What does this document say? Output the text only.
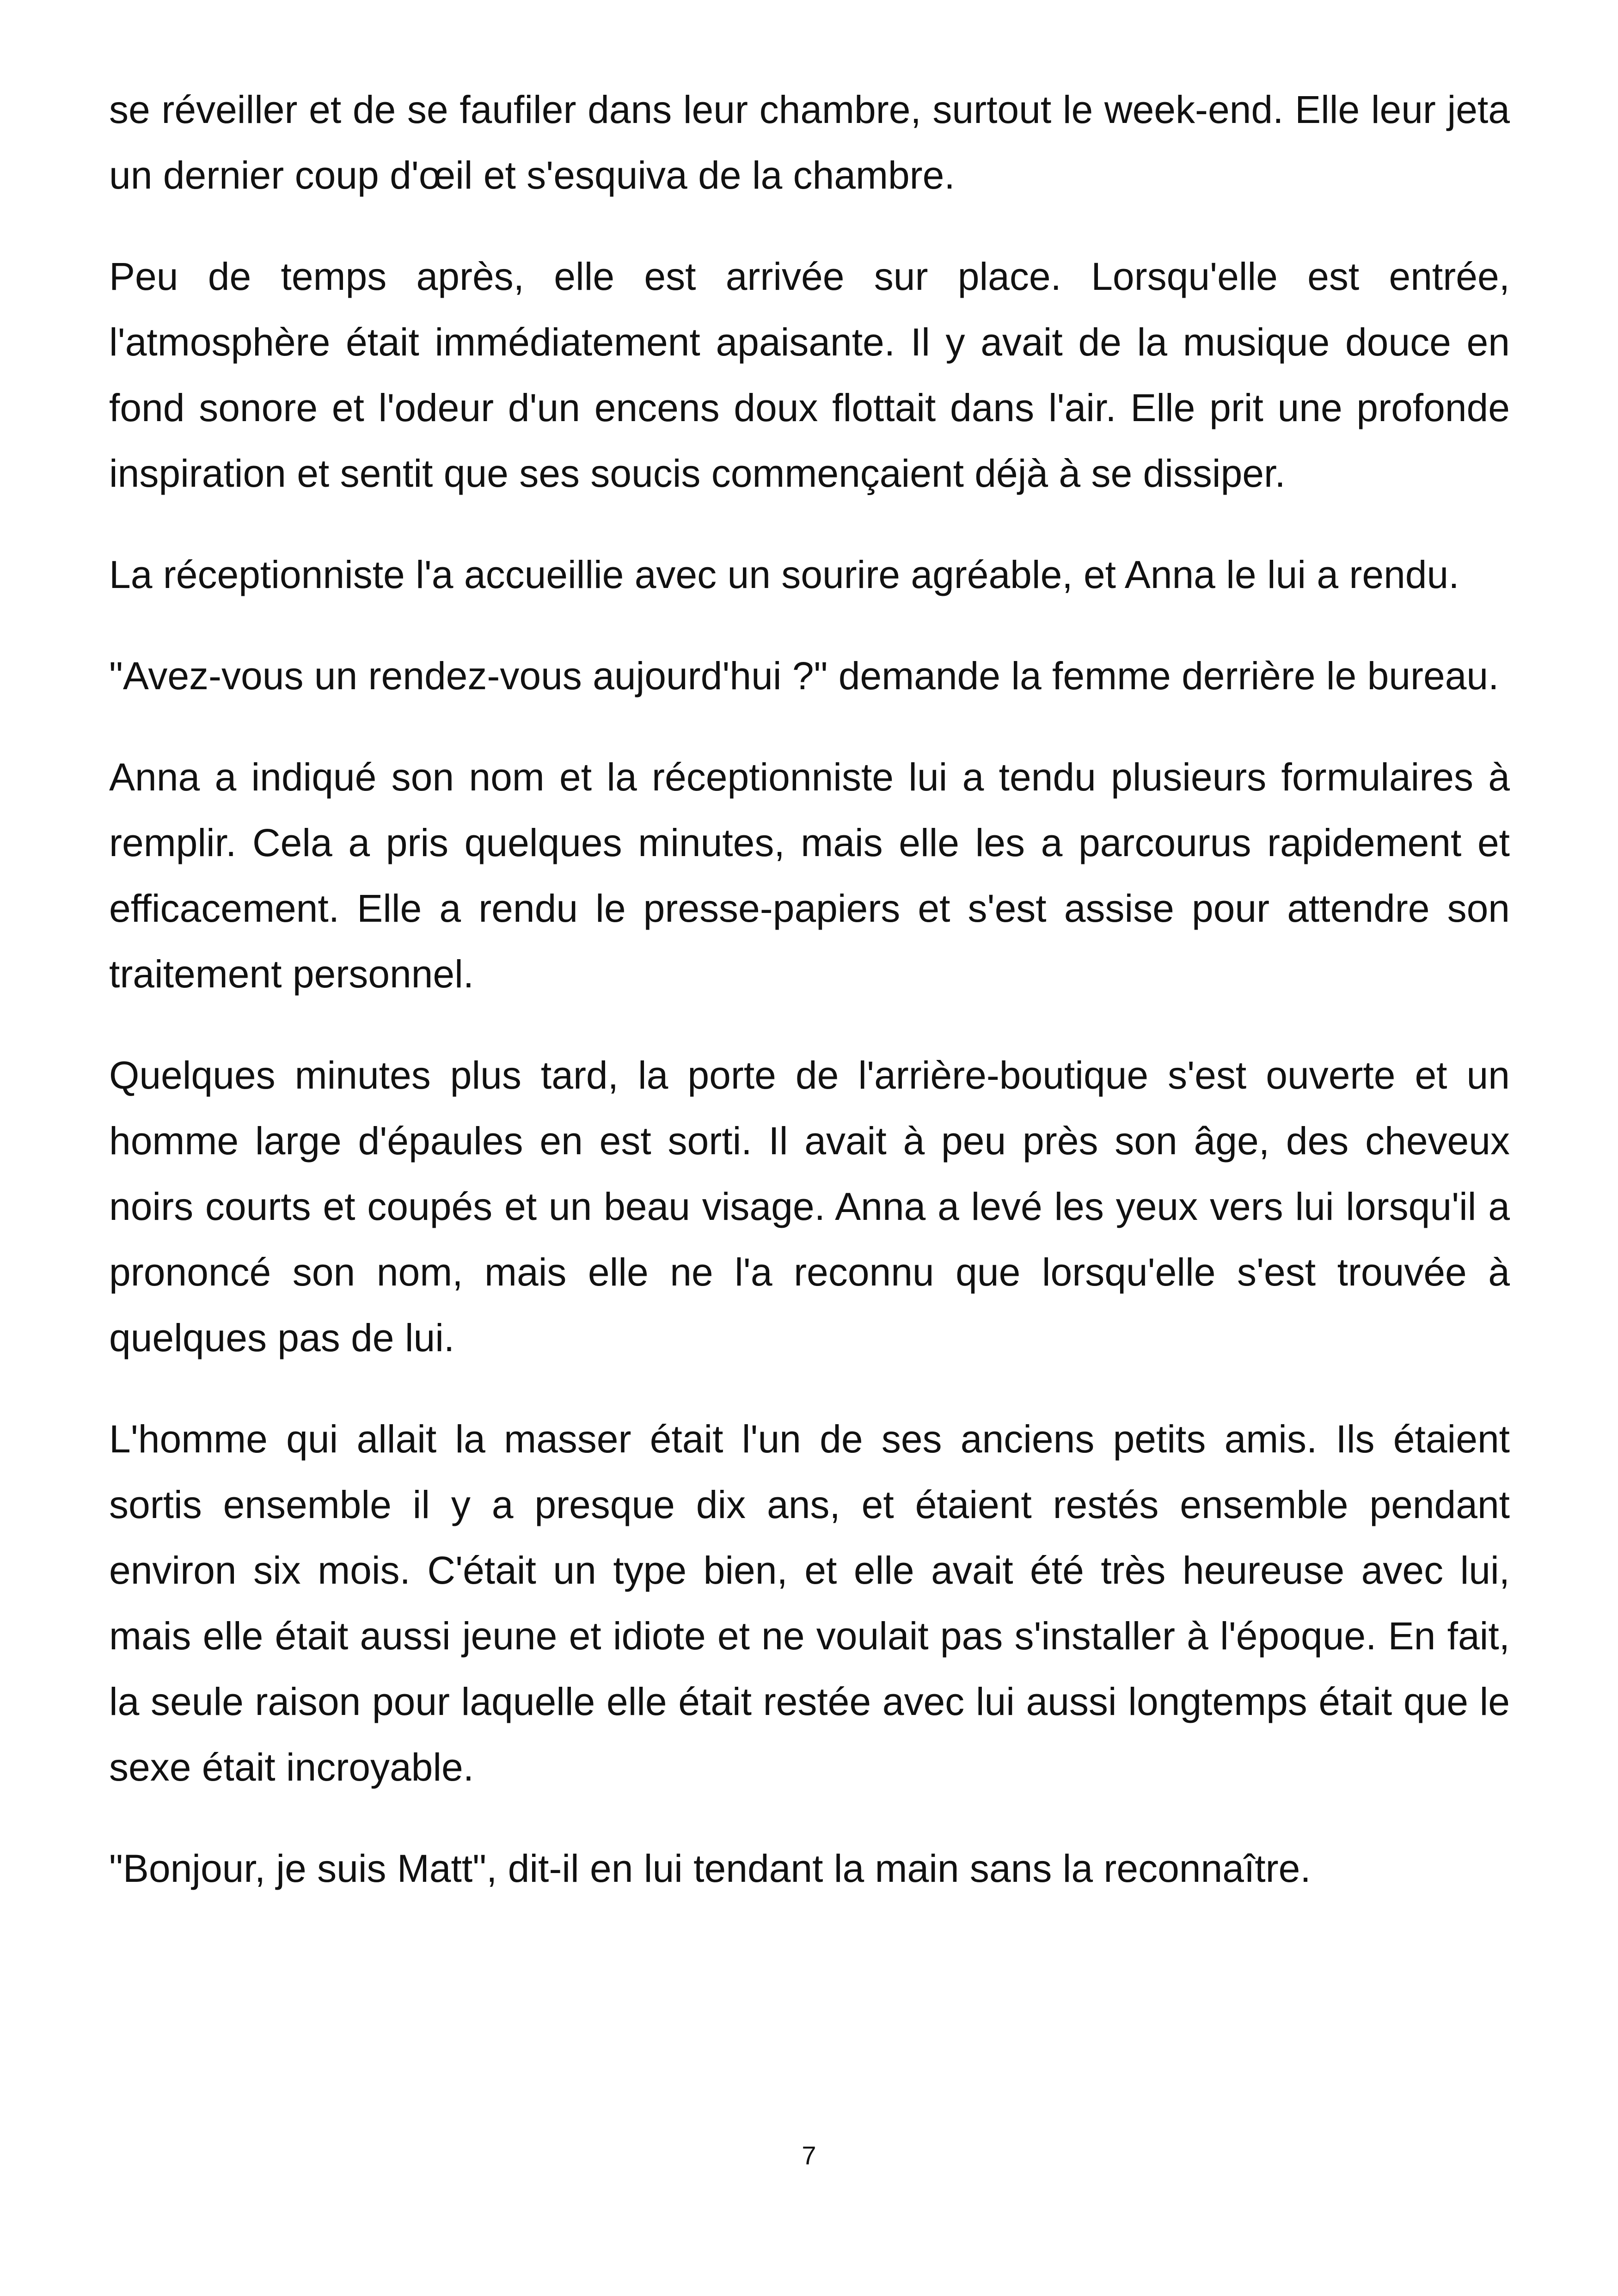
se réveiller et de se faufiler dans leur chambre, surtout le week-end. Elle leur jeta un dernier coup d'œil et s'esquiva de la chambre.

Peu de temps après, elle est arrivée sur place. Lorsqu'elle est entrée, l'atmosphère était immédiatement apaisante. Il y avait de la musique douce en fond sonore et l'odeur d'un encens doux flottait dans l'air. Elle prit une profonde inspiration et sentit que ses soucis commençaient déjà à se dissiper.

La réceptionniste l'a accueillie avec un sourire agréable, et Anna le lui a rendu.

"Avez-vous un rendez-vous aujourd'hui ?" demande la femme derrière le bureau.

Anna a indiqué son nom et la réceptionniste lui a tendu plusieurs formulaires à remplir. Cela a pris quelques minutes, mais elle les a parcourus rapidement et efficacement. Elle a rendu le presse-papiers et s'est assise pour attendre son traitement personnel.

Quelques minutes plus tard, la porte de l'arrière-boutique s'est ouverte et un homme large d'épaules en est sorti. Il avait à peu près son âge, des cheveux noirs courts et coupés et un beau visage. Anna a levé les yeux vers lui lorsqu'il a prononcé son nom, mais elle ne l'a reconnu que lorsqu'elle s'est trouvée à quelques pas de lui.

L'homme qui allait la masser était l'un de ses anciens petits amis. Ils étaient sortis ensemble il y a presque dix ans, et étaient restés ensemble pendant environ six mois. C'était un type bien, et elle avait été très heureuse avec lui, mais elle était aussi jeune et idiote et ne voulait pas s'installer à l'époque. En fait, la seule raison pour laquelle elle était restée avec lui aussi longtemps était que le sexe était incroyable.

"Bonjour, je suis Matt", dit-il en lui tendant la main sans la reconnaître.

7
